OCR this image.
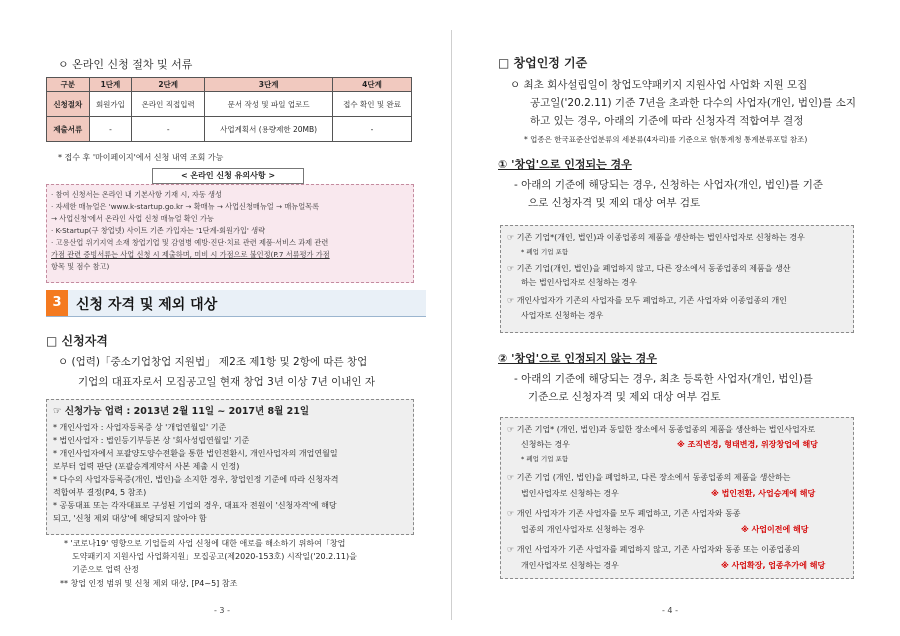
ㅇ 온라인 신청 절차 및 서류
구분	1단계	2단계	3단계	4단계
신청절차	회원가입	온라인 직접입력	문서 작성 및 파일 업로드	접수 확인 및 완료
제출서류	-	-	사업계획서 (용량제한 20MB)	-
* 접수 후 '마이페이지'에서 신청 내역 조회 가능
< 온라인 신청 유의사항 >
· 참여 신청서는 온라인 내 기본사항 기재 시, 자동 생성
· 자세한 매뉴얼은 'www.k-startup.go.kr → 확매뉴 → 사업신청매뉴얼 → 매뉴얼목록
→ 사업신청'에서 온라인 사업 신청 매뉴얼 확인 가능
· K-Startup(구 창업넷) 사이트 기존 가입자는 '1단계-회원가입' 생략
· 고용산업 위기지역 소재 창업기업 및 감염병 예방·진단·치료 관련 제품·서비스 과제 관련
가점 관련 증빙서류는 사업 신청 시 제출하며, 미비 시 가점으로 불인정(P.7 서류평가 가점
항목 및 점수 참고)
3	신청 자격 및 제외 대상
□ 신청자격
ㅇ (업력)「중소기업창업 지원법」 제2조 제1항 및 2항에 따른 창업
기업의 대표자로서 모집공고일 현재 창업 3년 이상 7년 이내인 자
☞ 신청가능 업력 : 2013년 2월 11일 ~ 2017년 8월 21일
* 개인사업자 : 사업자등록증 상 '개업연월일' 기준
* 법인사업자 : 법인등기부등본 상 '회사성립연월일' 기준
* 개인사업자에서 포괄양도양수전환을 통한 법인전환시, 개인사업자의 개업연월일
로부터 업력 판단 (포괄승계계약서 사본 제출 시 인정)
* 다수의 사업자등록증(개인, 법인)을 소지한 경우, 창업인정 기준에 따라 신청자격
적합여부 결정(P4, 5 참조)
* 공동대표 또는 각자대표로 구성된 기업의 경우, 대표자 전원이 '신청자격'에 해당
되고, '신청 제외 대상'에 해당되지 않아야 함
* '코로나19' 영향으로 기업들의 사업 신청에 대한 애로를 해소하기 위하여「창업
도약패키지 지원사업 사업화지원」모집공고(제2020-153호) 시작일('20.2.11)을
기준으로 업력 산정
** 창업 인정 범위 및 신청 제외 대상, [P4~5] 참조
- 3 -
□ 창업인정 기준
ㅇ 최초 회사설립일이 창업도약패키지 지원사업 사업화 지원 모집
공고일('20.2.11) 기준 7년을 초과한 다수의 사업자(개인, 법인)를 소지
하고 있는 경우, 아래의 기준에 따라 신청자격 적합여부 결정
* 업종은 한국표준산업분류의 세분류(4자리)를 기준으로 함(통계청 통계분류포털 참조)
① '창업'으로 인정되는 경우
- 아래의 기준에 해당되는 경우, 신청하는 사업자(개인, 법인)를 기준
으로 신청자격 및 제외 대상 여부 검토
☞ 기존 기업*(개인, 법인)과 이종업종의 제품을 생산하는 법인사업자로 신청하는 경우
* 폐업 기업 포함
☞ 기존 기업(개인, 법인)을 폐업하지 않고, 다른 장소에서 동종업종의 제품을 생산
하는 법인사업자로 신청하는 경우
☞ 개인사업자가 기존의 사업자를 모두 폐업하고, 기존 사업자와 이종업종의 개인
사업자로 신청하는 경우
② '창업'으로 인정되지 않는 경우
- 아래의 기준에 해당되는 경우, 최초 등록한 사업자(개인, 법인)를
기준으로 신청자격 및 제외 대상 여부 검토
☞ 기존 기업* (개인, 법인)과 동일한 장소에서 동종업종의 제품을 생산하는 법인사업자로
신청하는 경우	※ 조직변경, 형태변경, 위장창업에 해당
* 폐업 기업 포함
☞ 기존 기업 (개인, 법인)을 폐업하고, 다른 장소에서 동종업종의 제품을 생산하는
법인사업자로 신청하는 경우	※ 법인전환, 사업승계에 해당
☞ 개인 사업자가 기존 사업자를 모두 폐업하고, 기존 사업자와 동종
업종의 개인사업자로 신청하는 경우	※ 사업이전에 해당
☞ 개인 사업자가 기존 사업자를 폐업하지 않고, 기존 사업자와 동종 또는 이종업종의
개인사업자로 신청하는 경우	※ 사업확장, 업종추가에 해당
- 4 -
